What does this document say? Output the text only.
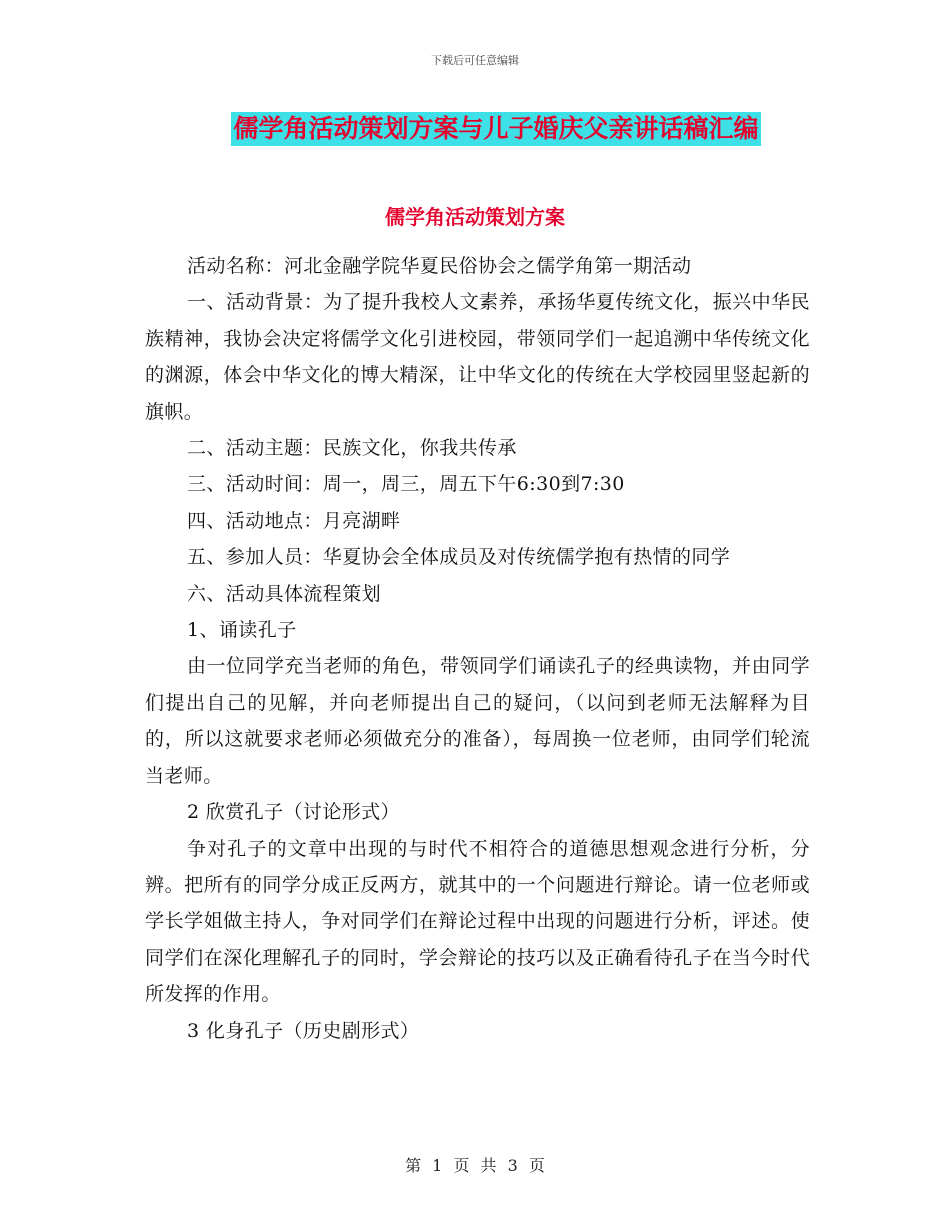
下载后可任意编辑
儒学角活动策划方案与儿子婚庆父亲讲话稿汇编
儒学角活动策划方案

活动名称：河北金融学院华夏民俗协会之儒学角第一期活动

一、活动背景：为了提升我校人文素养，承扬华夏传统文化，振兴中华民族精神，我协会决定将儒学文化引进校园，带领同学们一起追溯中华传统文化的渊源，体会中华文化的博大精深，让中华文化的传统在大学校园里竖起新的旗帜。

二、活动主题：民族文化，你我共传承

三、活动时间：周一，周三，周五下午6:30到7:30

四、活动地点：月亮湖畔

五、参加人员：华夏协会全体成员及对传统儒学抱有热情的同学

六、活动具体流程策划

1、诵读孔子

由一位同学充当老师的角色，带领同学们诵读孔子的经典读物，并由同学们提出自己的见解，并向老师提出自己的疑问，（以问到老师无法解释为目的，所以这就要求老师必须做充分的准备），每周换一位老师，由同学们轮流当老师。

2 欣赏孔子（讨论形式）

争对孔子的文章中出现的与时代不相符合的道德思想观念进行分析，分辨。把所有的同学分成正反两方，就其中的一个问题进行辩论。请一位老师或学长学姐做主持人，争对同学们在辩论过程中出现的问题进行分析，评述。使同学们在深化理解孔子的同时，学会辩论的技巧以及正确看待孔子在当今时代所发挥的作用。

3 化身孔子（历史剧形式）

第 1 页 共 3 页
